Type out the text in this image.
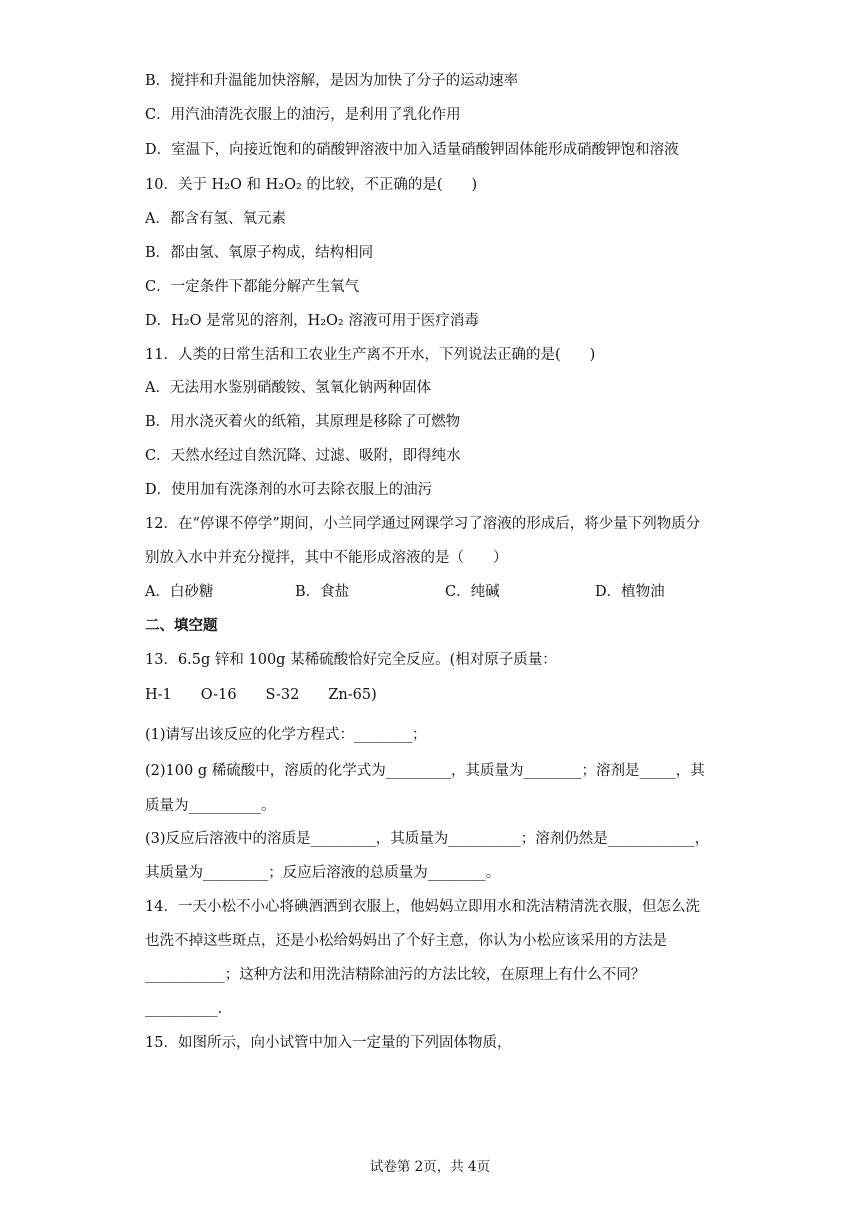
B．搅拌和升温能加快溶解，是因为加快了分子的运动速率
C．用汽油清洗衣服上的油污，是利用了乳化作用
D．室温下，向接近饱和的硝酸钾溶液中加入适量硝酸钾固体能形成硝酸钾饱和溶液
10．关于 H₂O 和 H₂O₂ 的比较，不正确的是(　　)
A．都含有氢、氧元素
B．都由氢、氧原子构成，结构相同
C．一定条件下都能分解产生氧气
D．H₂O 是常见的溶剂，H₂O₂ 溶液可用于医疗消毒
11．人类的日常生活和工农业生产离不开水，下列说法正确的是(　　)
A．无法用水鉴别硝酸铵、氢氧化钠两种固体
B．用水浇灭着火的纸箱，其原理是移除了可燃物
C．天然水经过自然沉降、过滤、吸附，即得纯水
D．使用加有洗涤剂的水可去除衣服上的油污
12．在“停课不停学”期间，小兰同学通过网课学习了溶液的形成后，将少量下列物质分
别放入水中并充分搅拌，其中不能形成溶液的是（　　）
A．白砂糖	B．食盐	C．纯碱	D．植物油
二、填空题
13．6.5g 锌和 100g 某稀硫酸恰好完全反应。(相对原子质量：
H-1　　O-16　　S-32　　Zn-65)
(1)请写出该反应的化学方程式：________；
(2)100 g 稀硫酸中，溶质的化学式为_________，其质量为________；溶剂是_____，其
质量为__________。
(3)反应后溶液中的溶质是_________，其质量为__________；溶剂仍然是____________，
其质量为_________；反应后溶液的总质量为________。
14．一天小松不小心将碘酒洒到衣服上，他妈妈立即用水和洗洁精清洗衣服，但怎么洗
也洗不掉这些斑点，还是小松给妈妈出了个好主意，你认为小松应该采用的方法是
___________；这种方法和用洗洁精除油污的方法比较，在原理上有什么不同？
__________.
15．如图所示，向小试管中加入一定量的下列固体物质，
试卷第 2页，共 4页
